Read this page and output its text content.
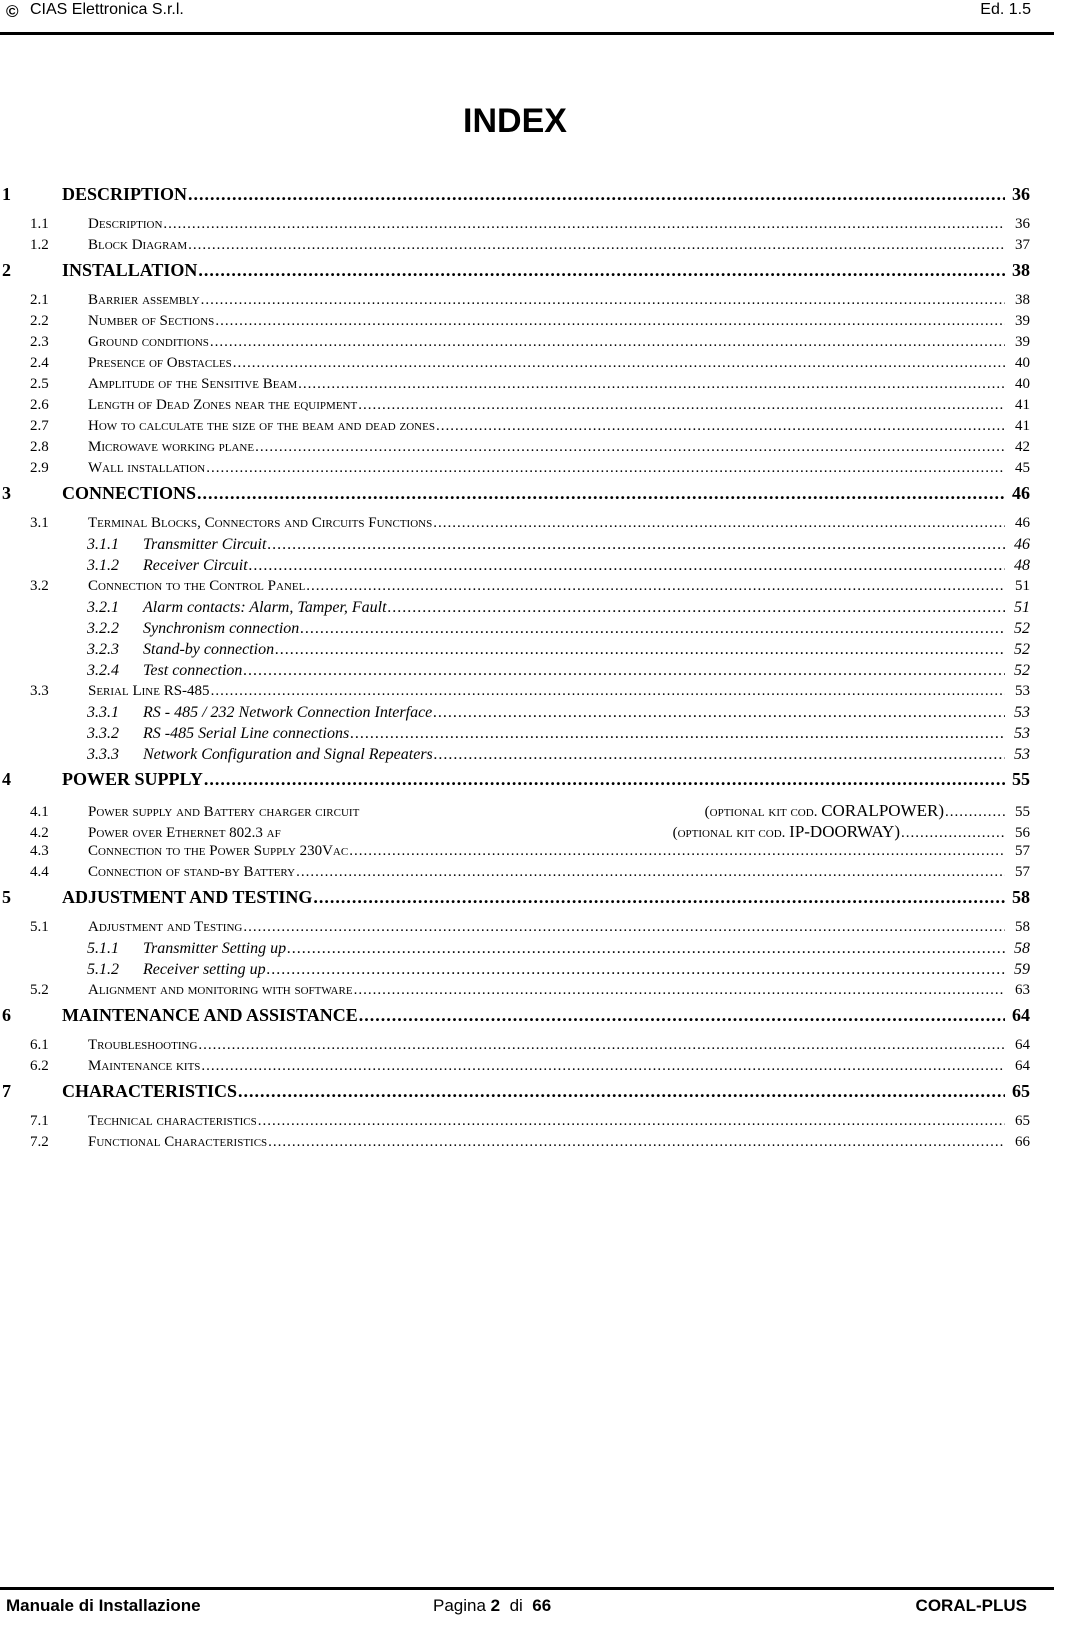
© CIAS Elettronica S.r.l.	Ed. 1.5
INDEX
1	DESCRIPTION .....	36
1.1	Description .....	36
1.2	Block Diagram .....	37
2	INSTALLATION .....	38
2.1	Barrier assembly .....	38
2.2	Number of Sections .....	39
2.3	Ground conditions .....	39
2.4	Presence of Obstacles .....	40
2.5	Amplitude of the Sensitive Beam .....	40
2.6	Length of Dead Zones near the equipment .....	41
2.7	How to calculate the size of the beam and dead zones .....	41
2.8	Microwave working plane .....	42
2.9	Wall installation .....	45
3	CONNECTIONS .....	46
3.1	Terminal Blocks, Connectors and Circuits Functions .....	46
3.1.1	Transmitter Circuit .....	46
3.1.2	Receiver Circuit .....	48
3.2	Connection to the Control Panel .....	51
3.2.1	Alarm contacts: Alarm, Tamper, Fault .....	51
3.2.2	Synchronism connection .....	52
3.2.3	Stand-by connection .....	52
3.2.4	Test connection .....	52
3.3	Serial Line RS-485 .....	53
3.3.1	RS - 485 / 232 Network Connection Interface .....	53
3.3.2	RS -485 Serial Line connections .....	53
3.3.3	Network Configuration and Signal Repeaters .....	53
4	POWER SUPPLY .....	55
4.1	Power supply and Battery charger circuit	(optional kit cod. CORALPOWER) .....	55
4.2	Power over Ethernet 802.3 af	(optional kit cod. IP-DOORWAY) .....	56
4.3	Connection to the Power Supply 230Vac .....	57
4.4	Connection of stand-by Battery .....	57
5	ADJUSTMENT AND TESTING .....	58
5.1	Adjustment and Testing .....	58
5.1.1	Transmitter Setting up .....	58
5.1.2	Receiver setting up .....	59
5.2	Alignment and monitoring with software .....	63
6	MAINTENANCE AND ASSISTANCE .....	64
6.1	Troubleshooting .....	64
6.2	Maintenance kits .....	64
7	CHARACTERISTICS .....	65
7.1	Technical characteristics .....	65
7.2	Functional Characteristics .....	66
Manuale di Installazione	Pagina 2 di 66	CORAL-PLUS
